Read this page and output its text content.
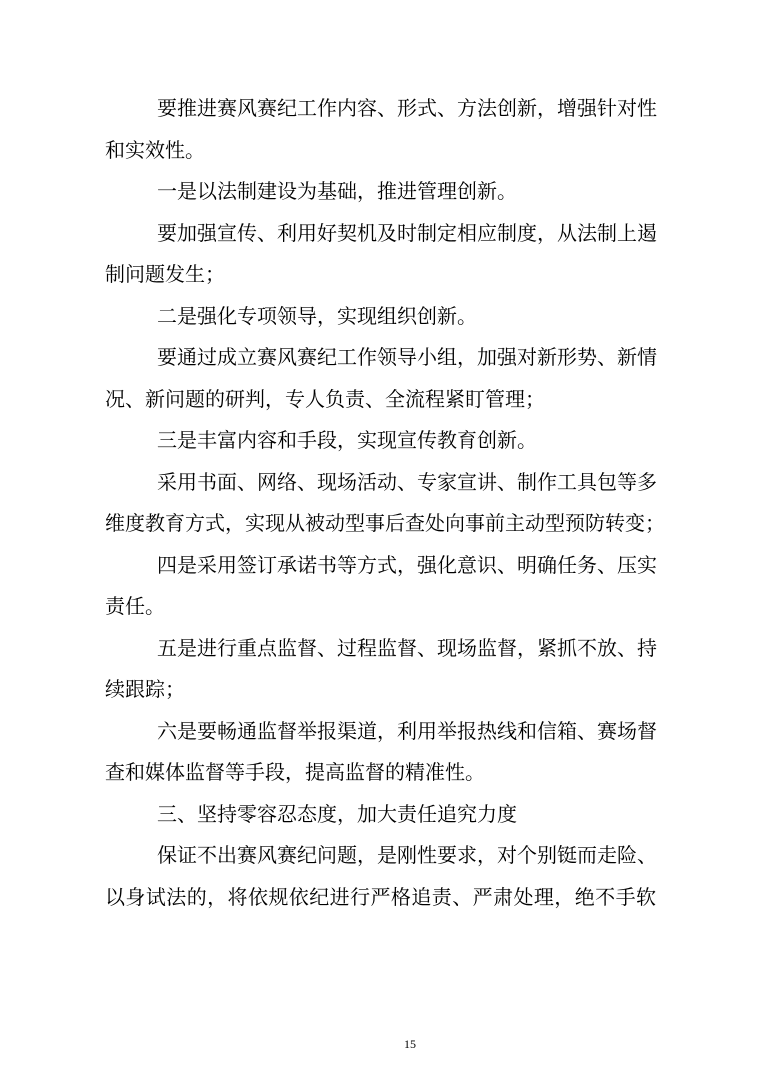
要推进赛风赛纪工作内容、形式、方法创新，增强针对性
和实效性。
一是以法制建设为基础，推进管理创新。
要加强宣传、利用好契机及时制定相应制度，从法制上遏
制问题发生；
二是强化专项领导，实现组织创新。
要通过成立赛风赛纪工作领导小组，加强对新形势、新情
况、新问题的研判，专人负责、全流程紧盯管理；
三是丰富内容和手段，实现宣传教育创新。
采用书面、网络、现场活动、专家宣讲、制作工具包等多
维度教育方式，实现从被动型事后查处向事前主动型预防转变；
四是采用签订承诺书等方式，强化意识、明确任务、压实
责任。
五是进行重点监督、过程监督、现场监督，紧抓不放、持
续跟踪；
六是要畅通监督举报渠道，利用举报热线和信箱、赛场督
查和媒体监督等手段，提高监督的精准性。
三、坚持零容忍态度，加大责任追究力度
保证不出赛风赛纪问题，是刚性要求，对个别铤而走险、
以身试法的，将依规依纪进行严格追责、严肃处理，绝不手软
15
